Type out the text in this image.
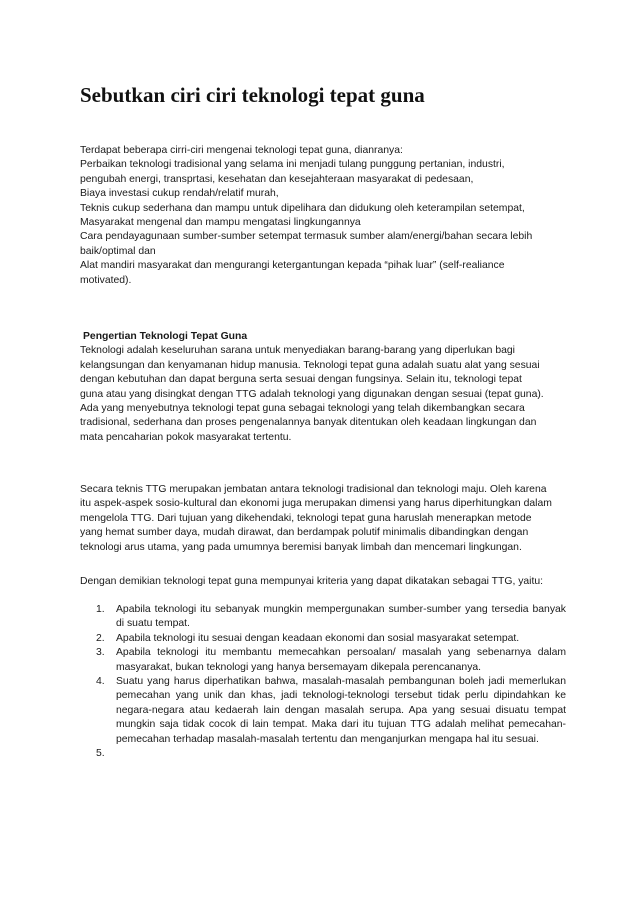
Sebutkan ciri ciri teknologi tepat guna
Terdapat beberapa cirri-ciri mengenai teknologi tepat guna, dianranya:
Perbaikan teknologi tradisional yang selama ini menjadi tulang punggung pertanian, industri,
pengubah energi, transprtasi, kesehatan dan kesejahteraan masyarakat di pedesaan,
Biaya investasi cukup rendah/relatif murah,
Teknis cukup sederhana dan mampu untuk dipelihara dan didukung oleh keterampilan setempat,
Masyarakat mengenal dan mampu mengatasi lingkungannya
Cara pendayagunaan sumber-sumber setempat termasuk sumber alam/energi/bahan secara lebih
baik/optimal dan
Alat mandiri masyarakat dan mengurangi ketergantungan kepada “pihak luar” (self-realiance
motivated).
Pengertian Teknologi Tepat Guna
Teknologi adalah keseluruhan sarana untuk menyediakan barang-barang yang diperlukan bagi
kelangsungan dan kenyamanan hidup manusia. Teknologi tepat guna adalah suatu alat yang sesuai
dengan kebutuhan dan dapat berguna serta sesuai dengan fungsinya. Selain itu, teknologi tepat
guna atau yang disingkat dengan TTG adalah teknologi yang digunakan dengan sesuai (tepat guna).
Ada yang menyebutnya teknologi tepat guna sebagai teknologi yang telah dikembangkan secara
tradisional, sederhana dan proses pengenalannya banyak ditentukan oleh keadaan lingkungan dan
mata pencaharian pokok masyarakat tertentu.
Secara teknis TTG merupakan jembatan antara teknologi tradisional dan teknologi maju. Oleh karena
itu aspek-aspek sosio-kultural dan ekonomi juga merupakan dimensi yang harus diperhitungkan dalam
mengelola TTG. Dari tujuan yang dikehendaki, teknologi tepat guna haruslah menerapkan metode
yang hemat sumber daya, mudah dirawat, dan berdampak polutif minimalis dibandingkan dengan
teknologi arus utama, yang pada umumnya beremisi banyak limbah dan mencemari lingkungan.
Dengan demikian teknologi tepat guna mempunyai kriteria yang dapat dikatakan sebagai TTG, yaitu:
1. Apabila teknologi itu sebanyak mungkin mempergunakan sumber-sumber yang tersedia banyak di suatu tempat.
2. Apabila teknologi itu sesuai dengan keadaan ekonomi dan sosial masyarakat setempat.
3. Apabila teknologi itu membantu memecahkan persoalan/ masalah yang sebenarnya dalam masyarakat, bukan teknologi yang hanya bersemayam dikepala perencananya.
4. Suatu yang harus diperhatikan bahwa, masalah-masalah pembangunan boleh jadi memerlukan pemecahan yang unik dan khas, jadi teknologi-teknologi tersebut tidak perlu dipindahkan ke negara-negara atau kedaerah lain dengan masalah serupa. Apa yang sesuai disuatu tempat mungkin saja tidak cocok di lain tempat. Maka dari itu tujuan TTG adalah melihat pemecahan-pemecahan terhadap masalah-masalah tertentu dan menganjurkan mengapa hal itu sesuai.
5.
